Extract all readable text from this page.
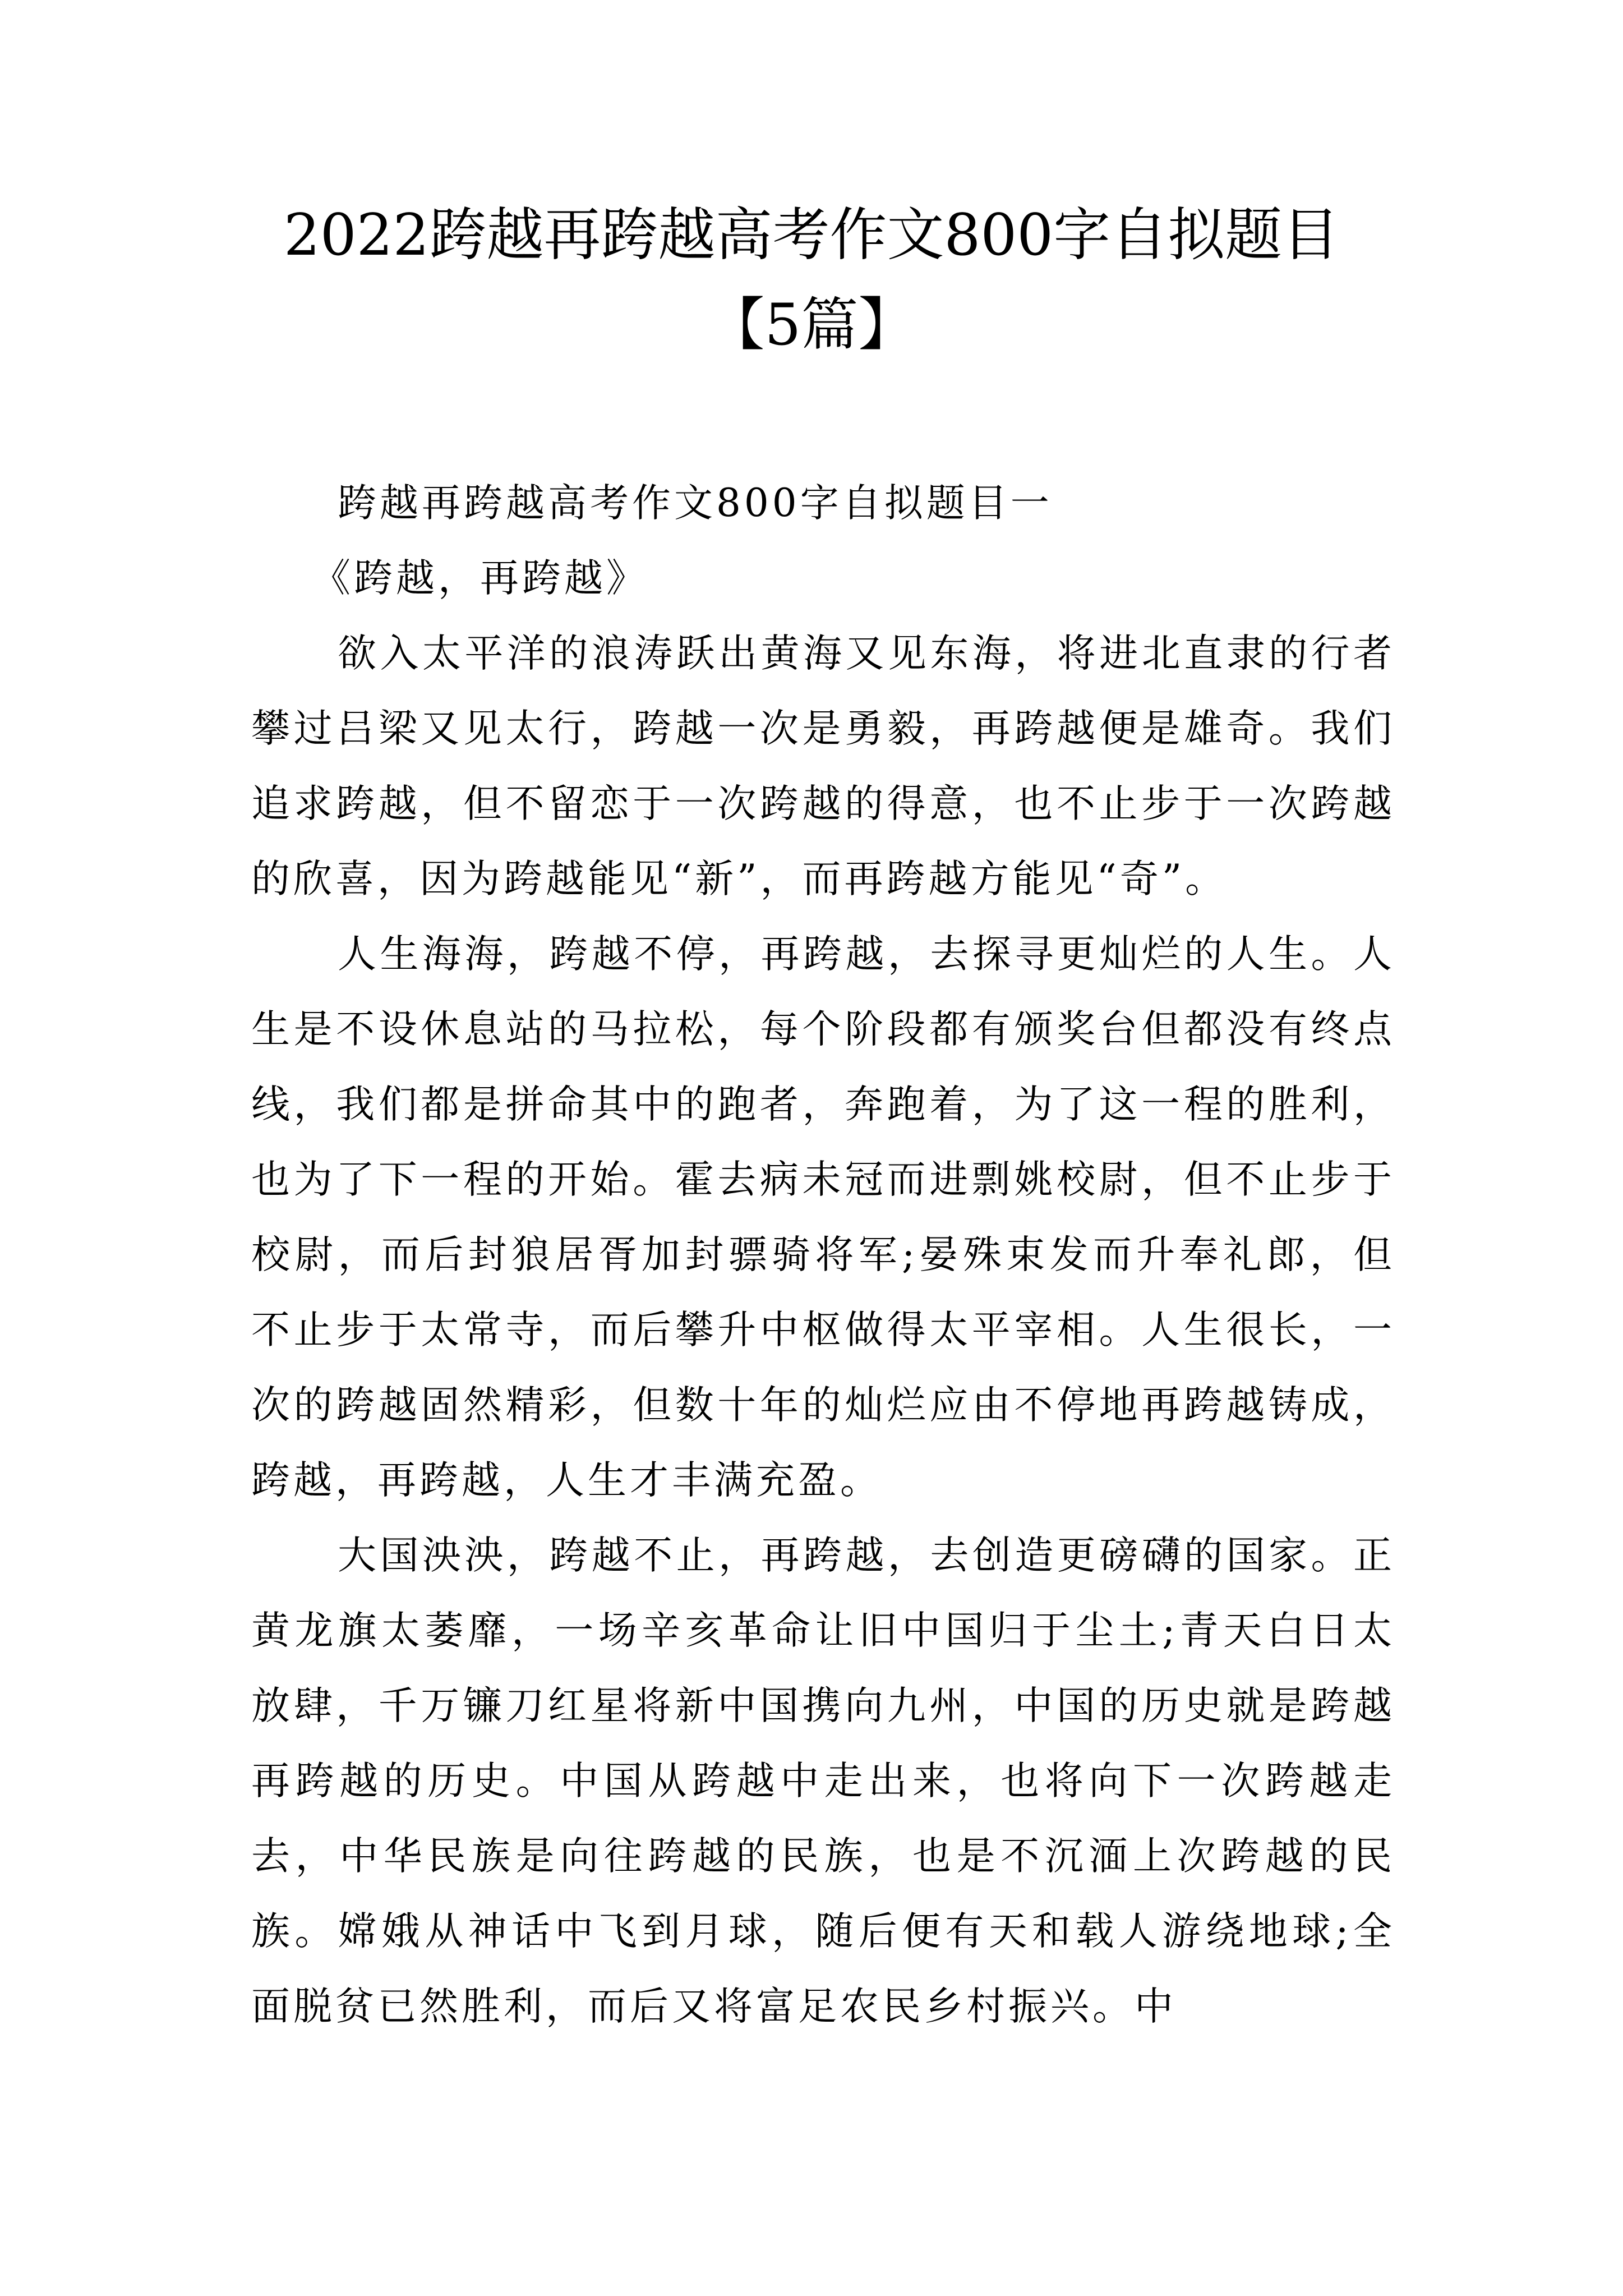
2022跨越再跨越高考作文800字自拟题目
【5篇】

跨越再跨越高考作文800字自拟题目一

《跨越，再跨越》

欲入太平洋的浪涛跃出黄海又见东海，将进北直隶的行者攀过吕梁又见太行，跨越一次是勇毅，再跨越便是雄奇。我们追求跨越，但不留恋于一次跨越的得意，也不止步于一次跨越的欣喜，因为跨越能见“新”，而再跨越方能见“奇”。

人生海海，跨越不停，再跨越，去探寻更灿烂的人生。人生是不设休息站的马拉松，每个阶段都有颁奖台但都没有终点线，我们都是拼命其中的跑者，奔跑着，为了这一程的胜利，也为了下一程的开始。霍去病未冠而进剽姚校尉，但不止步于校尉，而后封狼居胥加封骠骑将军;晏殊束发而升奉礼郎，但不止步于太常寺，而后攀升中枢做得太平宰相。人生很长，一次的跨越固然精彩，但数十年的灿烂应由不停地再跨越铸成，跨越，再跨越，人生才丰满充盈。

大国泱泱，跨越不止，再跨越，去创造更磅礴的国家。正黄龙旗太萎靡，一场辛亥革命让旧中国归于尘土;青天白日太放肆，千万镰刀红星将新中国携向九州，中国的历史就是跨越再跨越的历史。中国从跨越中走出来，也将向下一次跨越走去，中华民族是向往跨越的民族，也是不沉湎上次跨越的民族。嫦娥从神话中飞到月球，随后便有天和载人游绕地球;全面脱贫已然胜利，而后又将富足农民乡村振兴。中
